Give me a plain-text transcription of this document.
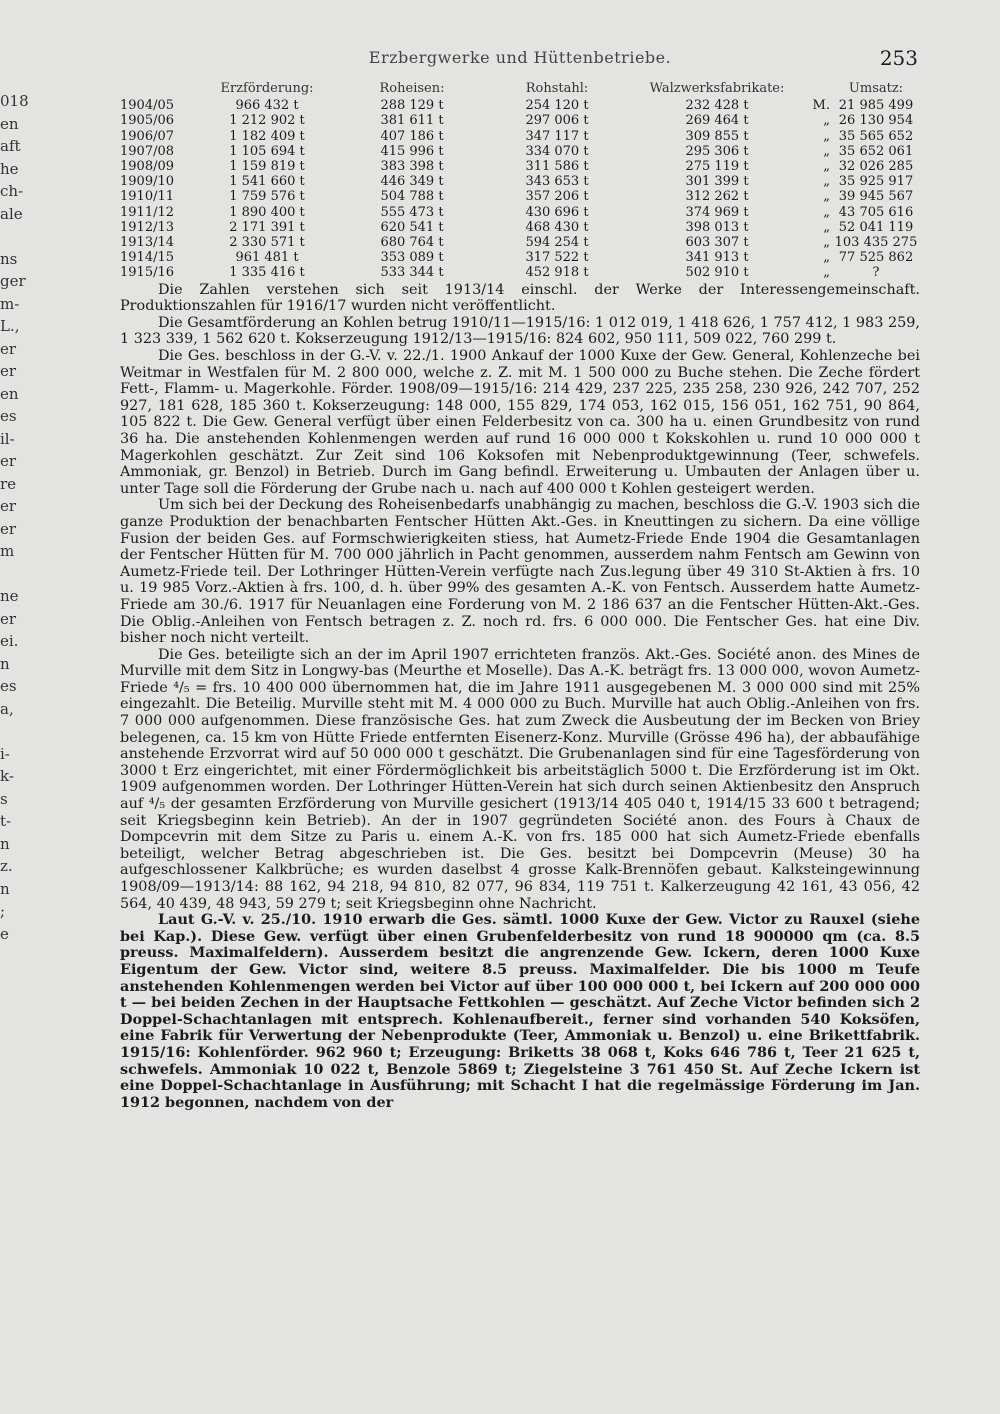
018
en
aft
he
ch-
ale

ns
ger
m-
L.,
er
er
en
es
il-
er
re
er
er
m

ne
er
ei.
n
es
a,

i-
k-
s
t-
n
z.
n
;
e

Erzbergwerke und Hüttenbetriebe.	253
	Erzförderung:	Roheisen:	Rohstahl:	Walzwerksfabrikate:		Umsatz:
1904/05	966 432 t	288 129 t	254 120 t	232 428 t	M.	21 985 499
1905/06	1 212 902 t	381 611 t	297 006 t	269 464 t	„	26 130 954
1906/07	1 182 409 t	407 186 t	347 117 t	309 855 t	„	35 565 652
1907/08	1 105 694 t	415 996 t	334 070 t	295 306 t	„	35 652 061
1908/09	1 159 819 t	383 398 t	311 586 t	275 119 t	„	32 026 285
1909/10	1 541 660 t	446 349 t	343 653 t	301 399 t	„	35 925 917
1910/11	1 759 576 t	504 788 t	357 206 t	312 262 t	„	39 945 567
1911/12	1 890 400 t	555 473 t	430 696 t	374 969 t	„	43 705 616
1912/13	2 171 391 t	620 541 t	468 430 t	398 013 t	„	52 041 119
1913/14	2 330 571 t	680 764 t	594 254 t	603 307 t	„	103 435 275
1914/15	961 481 t	353 089 t	317 522 t	341 913 t	„	77 525 862
1915/16	1 335 416 t	533 344 t	452 918 t	502 910 t	„	?

Die Zahlen verstehen sich seit 1913/14 einschl. der Werke der Interessengemeinschaft. Produktionszahlen für 1916/17 wurden nicht veröffentlicht.

Die Gesamtförderung an Kohlen betrug 1910/11—1915/16: 1 012 019, 1 418 626, 1 757 412, 1 983 259, 1 323 339, 1 562 620 t. Kokserzeugung 1912/13—1915/16: 824 602, 950 111, 509 022, 760 299 t.

Die Ges. beschloss in der G.-V. v. 22./1. 1900 Ankauf der 1000 Kuxe der Gew. General, Kohlenzeche bei Weitmar in Westfalen für M. 2 800 000, welche z. Z. mit M. 1 500 000 zu Buche stehen. Die Zeche fördert Fett-, Flamm- u. Magerkohle. Förder. 1908/09—1915/16: 214 429, 237 225, 235 258, 230 926, 242 707, 252 927, 181 628, 185 360 t. Kokserzeugung: 148 000, 155 829, 174 053, 162 015, 156 051, 162 751, 90 864, 105 822 t. Die Gew. General verfügt über einen Felderbesitz von ca. 300 ha u. einen Grundbesitz von rund 36 ha. Die anstehenden Kohlenmengen werden auf rund 16 000 000 t Kokskohlen u. rund 10 000 000 t Magerkohlen geschätzt. Zur Zeit sind 106 Koksofen mit Nebenproduktgewinnung (Teer, schwefels. Ammoniak, gr. Benzol) in Betrieb. Durch im Gang befindl. Erweiterung u. Umbauten der Anlagen über u. unter Tage soll die Förderung der Grube nach u. nach auf 400 000 t Kohlen gesteigert werden.

Um sich bei der Deckung des Roheisenbedarfs unabhängig zu machen, beschloss die G.-V. 1903 sich die ganze Produktion der benachbarten Fentscher Hütten Akt.-Ges. in Kneuttingen zu sichern. Da eine völlige Fusion der beiden Ges. auf Formschwierigkeiten stiess, hat Aumetz-Friede Ende 1904 die Gesamtanlagen der Fentscher Hütten für M. 700 000 jährlich in Pacht genommen, ausserdem nahm Fentsch am Gewinn von Aumetz-Friede teil. Der Lothringer Hütten-Verein verfügte nach Zus.legung über 49 310 St-Aktien à frs. 10 u. 19 985 Vorz.-Aktien à frs. 100, d. h. über 99% des gesamten A.-K. von Fentsch. Ausserdem hatte Aumetz-Friede am 30./6. 1917 für Neuanlagen eine Forderung von M. 2 186 637 an die Fentscher Hütten-Akt.-Ges. Die Oblig.-Anleihen von Fentsch betragen z. Z. noch rd. frs. 6 000 000. Die Fentscher Ges. hat eine Div. bisher noch nicht verteilt.

Die Ges. beteiligte sich an der im April 1907 errichteten französ. Akt.-Ges. Société anon. des Mines de Murville mit dem Sitz in Longwy-bas (Meurthe et Moselle). Das A.-K. beträgt frs. 13 000 000, wovon Aumetz-Friede ⁴/₅ = frs. 10 400 000 übernommen hat, die im Jahre 1911 ausgegebenen M. 3 000 000 sind mit 25% eingezahlt. Die Beteilig. Murville steht mit M. 4 000 000 zu Buch. Murville hat auch Oblig.-Anleihen von frs. 7 000 000 aufgenommen. Diese französische Ges. hat zum Zweck die Ausbeutung der im Becken von Briey belegenen, ca. 15 km von Hütte Friede entfernten Eisenerz-Konz. Murville (Grösse 496 ha), der abbaufähige anstehende Erzvorrat wird auf 50 000 000 t geschätzt. Die Grubenanlagen sind für eine Tagesförderung von 3000 t Erz eingerichtet, mit einer Fördermöglichkeit bis arbeitstäglich 5000 t. Die Erzförderung ist im Okt. 1909 aufgenommen worden. Der Lothringer Hütten-Verein hat sich durch seinen Aktienbesitz den Anspruch auf ⁴/₅ der gesamten Erzförderung von Murville gesichert (1913/14 405 040 t, 1914/15 33 600 t betragend; seit Kriegsbeginn kein Betrieb). An der in 1907 gegründeten Société anon. des Fours à Chaux de Dompcevrin mit dem Sitze zu Paris u. einem A.-K. von frs. 185 000 hat sich Aumetz-Friede ebenfalls beteiligt, welcher Betrag abgeschrieben ist. Die Ges. besitzt bei Dompcevrin (Meuse) 30 ha aufgeschlossener Kalkbrüche; es wurden daselbst 4 grosse Kalk-Brennöfen gebaut. Kalksteingewinnung 1908/09—1913/14: 88 162, 94 218, 94 810, 82 077, 96 834, 119 751 t. Kalkerzeugung 42 161, 43 056, 42 564, 40 439, 48 943, 59 279 t; seit Kriegsbeginn ohne Nachricht.

Laut G.-V. v. 25./10. 1910 erwarb die Ges. sämtl. 1000 Kuxe der Gew. Victor zu Rauxel (siehe bei Kap.). Diese Gew. verfügt über einen Grubenfelderbesitz von rund 18 900000 qm (ca. 8.5 preuss. Maximalfeldern). Ausserdem besitzt die angrenzende Gew. Ickern, deren 1000 Kuxe Eigentum der Gew. Victor sind, weitere 8.5 preuss. Maximalfelder. Die bis 1000 m Teufe anstehenden Kohlenmengen werden bei Victor auf über 100 000 000 t, bei Ickern auf 200 000 000 t — bei beiden Zechen in der Hauptsache Fettkohlen — geschätzt. Auf Zeche Victor befinden sich 2 Doppel-Schachtanlagen mit entsprech. Kohlenaufbereit., ferner sind vorhanden 540 Koksöfen, eine Fabrik für Verwertung der Nebenprodukte (Teer, Ammoniak u. Benzol) u. eine Brikettfabrik. 1915/16: Kohlenförder. 962 960 t; Erzeugung: Briketts 38 068 t, Koks 646 786 t, Teer 21 625 t, schwefels. Ammoniak 10 022 t, Benzole 5869 t; Ziegelsteine 3 761 450 St. Auf Zeche Ickern ist eine Doppel-Schachtanlage in Ausführung; mit Schacht I hat die regelmässige Förderung im Jan. 1912 begonnen, nachdem von der
